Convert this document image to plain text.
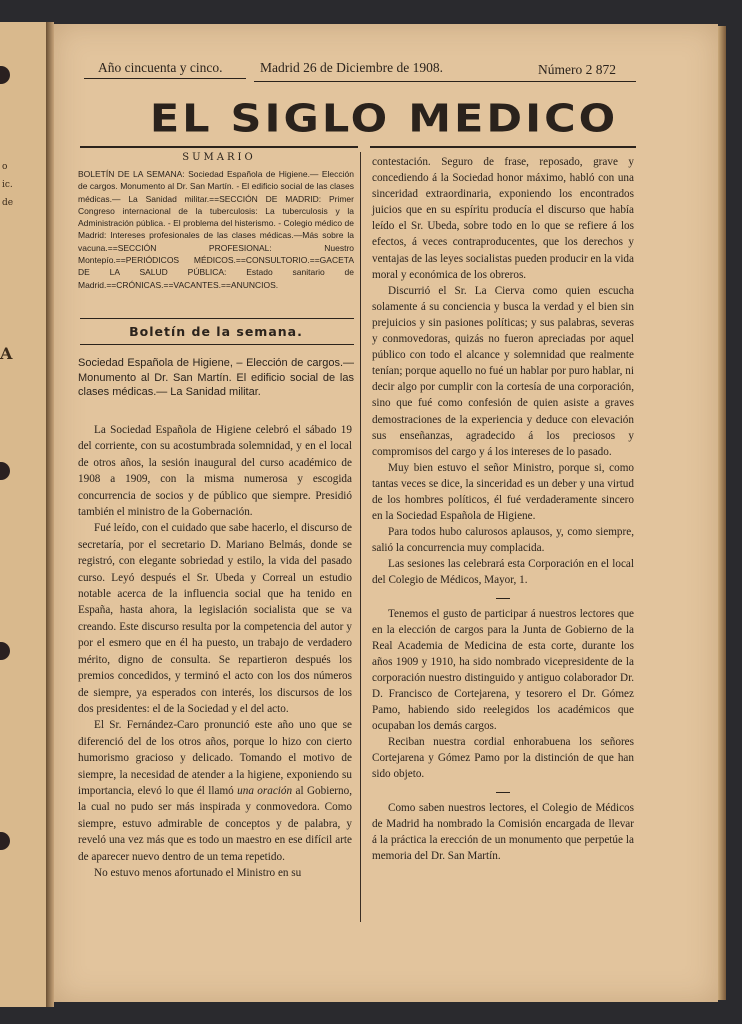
o
ic.
de
A
Año cincuenta y cinco.	Madrid 26 de Diciembre de 1908.	Número 2 872
EL SIGLO MEDICO
SUMARIO
BOLETÍN DE LA SEMANA: Sociedad Española de Higiene.— Elección de cargos. Monumento al Dr. San Martín. - El edificio social de las clases médicas.— La Sanidad militar.==SECCIÓN DE MADRID: Primer Congreso internacional de la tuberculosis: La tuberculosis y la Administración pública. - El problema del histerismo. - Colegio médico de Madrid: Intereses profesionales de las clases médicas.—Más sobre la vacuna.==SECCIÓN PROFESIONAL: Nuestro Montepío.==PERIÓDICOS MÉDICOS.==CONSULTORIO.==GACETA DE LA SALUD PÚBLICA: Estado sanitario de Madrid.==CRÓNICAS.==VACANTES.==ANUNCIOS.
Boletín de la semana.
Sociedad Española de Higiene, – Elección de cargos.— Monumento al Dr. San Martín. El edificio social de las clases médicas.— La Sanidad militar.

La Sociedad Española de Higiene celebró el sábado 19 del corriente, con su acostumbrada solemnidad, y en el local de otros años, la sesión inaugural del curso académico de 1908 a 1909, con la misma numerosa y escogida concurrencia de socios y de público que siempre. Presidió también el ministro de la Gobernación.

Fué leído, con el cuidado que sabe hacerlo, el discurso de secretaría, por el secretario D. Mariano Belmás, donde se registró, con elegante sobriedad y estilo, la vida del pasado curso. Leyó después el Sr. Ubeda y Correal un estudio notable acerca de la influencia social que ha tenido en España, hasta ahora, la legislación socialista que se va creando. Este discurso resulta por la competencia del autor y por el esmero que en él ha puesto, un trabajo de verdadero mérito, digno de consulta. Se repartieron después los premios concedidos, y terminó el acto con los dos números de siempre, ya esperados con interés, los discursos de los dos presidentes: el de la Sociedad y el del acto.

El Sr. Fernández-Caro pronunció este año uno que se diferenció del de los otros años, porque lo hizo con cierto humorismo gracioso y delicado. Tomando el motivo de siempre, la necesidad de atender a la higiene, exponiendo su importancia, elevó lo que él llamó una oración al Gobierno, la cual no pudo ser más inspirada y conmovedora. Como siempre, estuvo admirable de conceptos y de palabra, y reveló una vez más que es todo un maestro en ese difícil arte de aparecer nuevo dentro de un tema repetido.

No estuvo menos afortunado el Ministro en su

contestación. Seguro de frase, reposado, grave y concediendo á la Sociedad honor máximo, habló con una sinceridad extraordinaria, exponiendo los encontrados juicios que en su espíritu producía el discurso que había leído el Sr. Ubeda, sobre todo en lo que se refiere á los efectos, á veces contraproducentes, que los derechos y ventajas de las leyes socialistas pueden producir en la vida moral y económica de los obreros.

Discurrió el Sr. La Cierva como quien escucha solamente á su conciencia y busca la verdad y el bien sin prejuicios y sin pasiones políticas; y sus palabras, severas y conmovedoras, quizás no fueron apreciadas por aquel público con todo el alcance y solemnidad que realmente tenían; porque aquello no fué un hablar por puro hablar, ni decir algo por cumplir con la cortesía de una corporación, sino que fué como confesión de quien asiste a graves demostraciones de la experiencia y deduce con elevación sus enseñanzas, agradecido á los preciosos y compromisos del cargo y á los intereses de lo pasado.

Muy bien estuvo el señor Ministro, porque si, como tantas veces se dice, la sinceridad es un deber y una virtud de los hombres políticos, él fué verdaderamente sincero en la Sociedad Española de Higiene.

Para todos hubo calurosos aplausos, y, como siempre, salió la concurrencia muy complacida.

Las sesiones las celebrará esta Corporación en el local del Colegio de Médicos, Mayor, 1.

Tenemos el gusto de participar á nuestros lectores que en la elección de cargos para la Junta de Gobierno de la Real Academia de Medicina de esta corte, durante los años 1909 y 1910, ha sido nombrado vicepresidente de la corporación nuestro distinguido y antiguo colaborador Dr. D. Francisco de Cortejarena, y tesorero el Dr. Gómez Pamo, habiendo sido reelegidos los académicos que ocupaban los demás cargos.

Reciban nuestra cordial enhorabuena los señores Cortejarena y Gómez Pamo por la distinción de que han sido objeto.

Como saben nuestros lectores, el Colegio de Médicos de Madrid ha nombrado la Comisión encargada de llevar á la práctica la erección de un monumento que perpetúe la memoria del Dr. San Martín.
